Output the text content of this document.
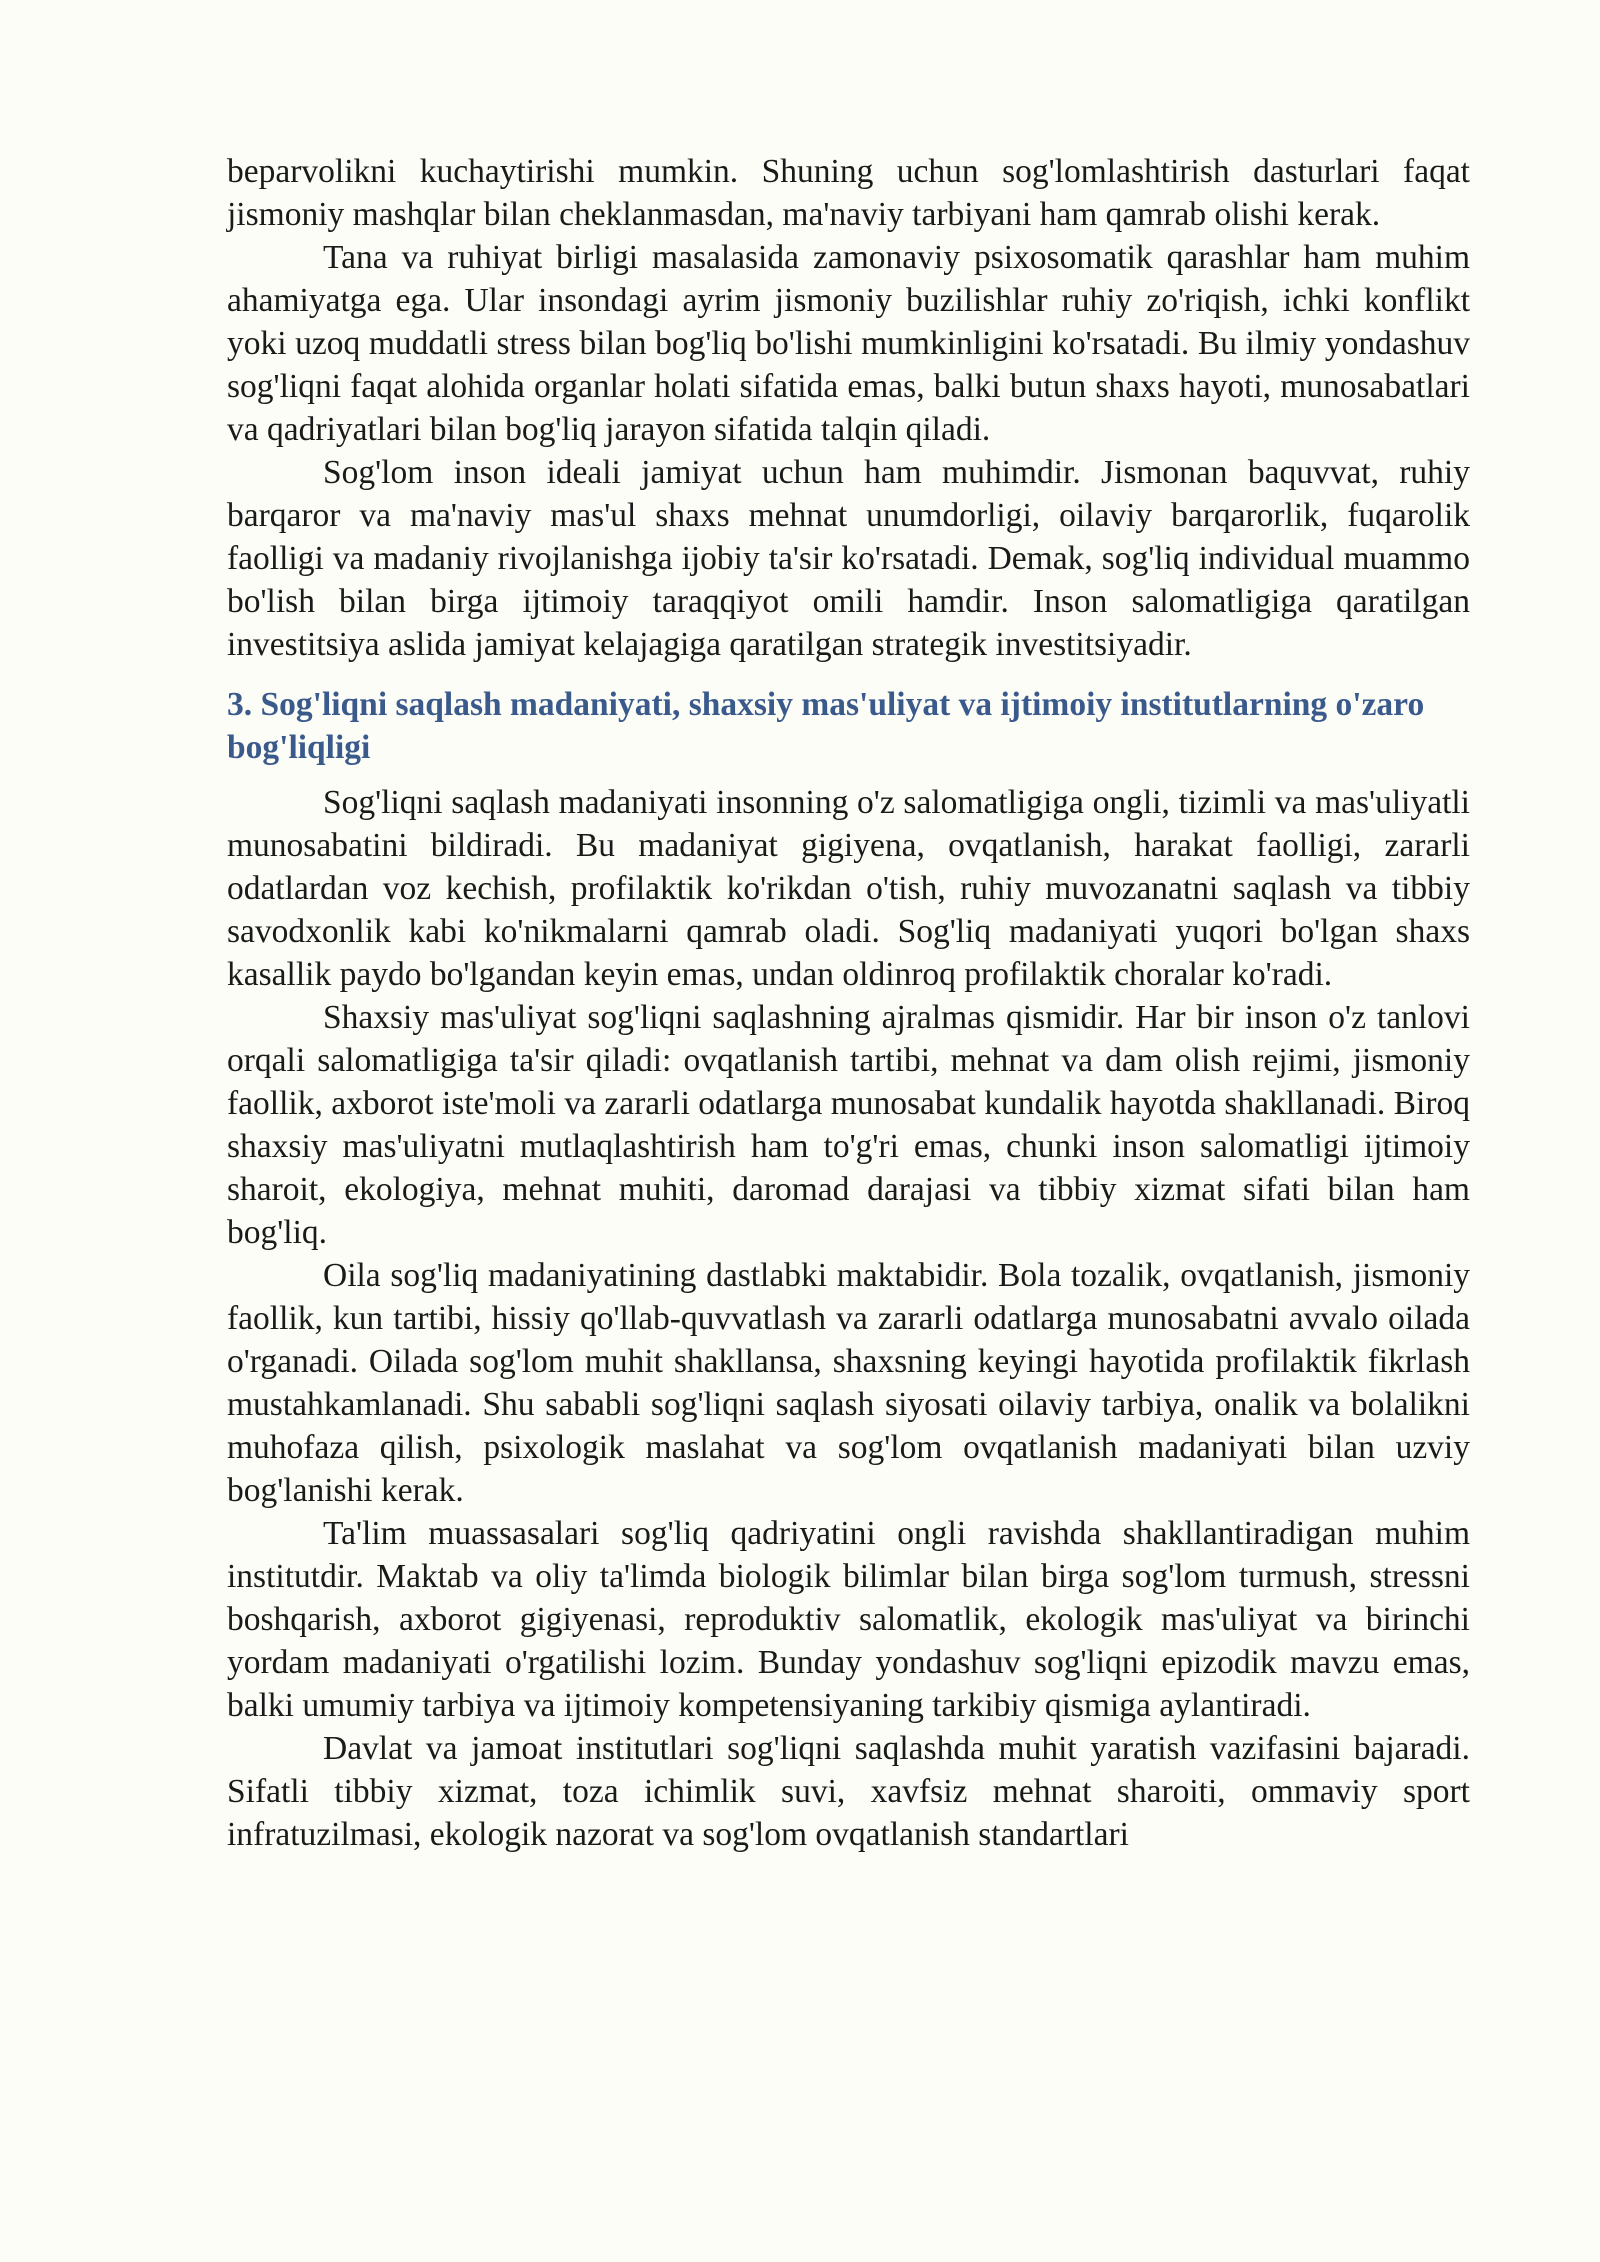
beparvolikni kuchaytirishi mumkin. Shuning uchun sog'lomlashtirish dasturlari faqat jismoniy mashqlar bilan cheklanmasdan, ma'naviy tarbiyani ham qamrab olishi kerak.

Tana va ruhiyat birligi masalasida zamonaviy psixosomatik qarashlar ham muhim ahamiyatga ega. Ular insondagi ayrim jismoniy buzilishlar ruhiy zo'riqish, ichki konflikt yoki uzoq muddatli stress bilan bog'liq bo'lishi mumkinligini ko'rsatadi. Bu ilmiy yondashuv sog'liqni faqat alohida organlar holati sifatida emas, balki butun shaxs hayoti, munosabatlari va qadriyatlari bilan bog'liq jarayon sifatida talqin qiladi.

Sog'lom inson ideali jamiyat uchun ham muhimdir. Jismonan baquvvat, ruhiy barqaror va ma'naviy mas'ul shaxs mehnat unumdorligi, oilaviy barqarorlik, fuqarolik faolligi va madaniy rivojlanishga ijobiy ta'sir ko'rsatadi. Demak, sog'liq individual muammo bo'lish bilan birga ijtimoiy taraqqiyot omili hamdir. Inson salomatligiga qaratilgan investitsiya aslida jamiyat kelajagiga qaratilgan strategik investitsiyadir.

3. Sog'liqni saqlash madaniyati, shaxsiy mas'uliyat va ijtimoiy institutlarning o'zaro bog'liqligi

Sog'liqni saqlash madaniyati insonning o'z salomatligiga ongli, tizimli va mas'uliyatli munosabatini bildiradi. Bu madaniyat gigiyena, ovqatlanish, harakat faolligi, zararli odatlardan voz kechish, profilaktik ko'rikdan o'tish, ruhiy muvozanatni saqlash va tibbiy savodxonlik kabi ko'nikmalarni qamrab oladi. Sog'liq madaniyati yuqori bo'lgan shaxs kasallik paydo bo'lgandan keyin emas, undan oldinroq profilaktik choralar ko'radi.

Shaxsiy mas'uliyat sog'liqni saqlashning ajralmas qismidir. Har bir inson o'z tanlovi orqali salomatligiga ta'sir qiladi: ovqatlanish tartibi, mehnat va dam olish rejimi, jismoniy faollik, axborot iste'moli va zararli odatlarga munosabat kundalik hayotda shakllanadi. Biroq shaxsiy mas'uliyatni mutlaqlashtirish ham to'g'ri emas, chunki inson salomatligi ijtimoiy sharoit, ekologiya, mehnat muhiti, daromad darajasi va tibbiy xizmat sifati bilan ham bog'liq.

Oila sog'liq madaniyatining dastlabki maktabidir. Bola tozalik, ovqatlanish, jismoniy faollik, kun tartibi, hissiy qo'llab-quvvatlash va zararli odatlarga munosabatni avvalo oilada o'rganadi. Oilada sog'lom muhit shakllansa, shaxsning keyingi hayotida profilaktik fikrlash mustahkamlanadi. Shu sababli sog'liqni saqlash siyosati oilaviy tarbiya, onalik va bolalikni muhofaza qilish, psixologik maslahat va sog'lom ovqatlanish madaniyati bilan uzviy bog'lanishi kerak.

Ta'lim muassasalari sog'liq qadriyatini ongli ravishda shakllantiradigan muhim institutdir. Maktab va oliy ta'limda biologik bilimlar bilan birga sog'lom turmush, stressni boshqarish, axborot gigiyenasi, reproduktiv salomatlik, ekologik mas'uliyat va birinchi yordam madaniyati o'rgatilishi lozim. Bunday yondashuv sog'liqni epizodik mavzu emas, balki umumiy tarbiya va ijtimoiy kompetensiyaning tarkibiy qismiga aylantiradi.

Davlat va jamoat institutlari sog'liqni saqlashda muhit yaratish vazifasini bajaradi. Sifatli tibbiy xizmat, toza ichimlik suvi, xavfsiz mehnat sharoiti, ommaviy sport infratuzilmasi, ekologik nazorat va sog'lom ovqatlanish standartlari
